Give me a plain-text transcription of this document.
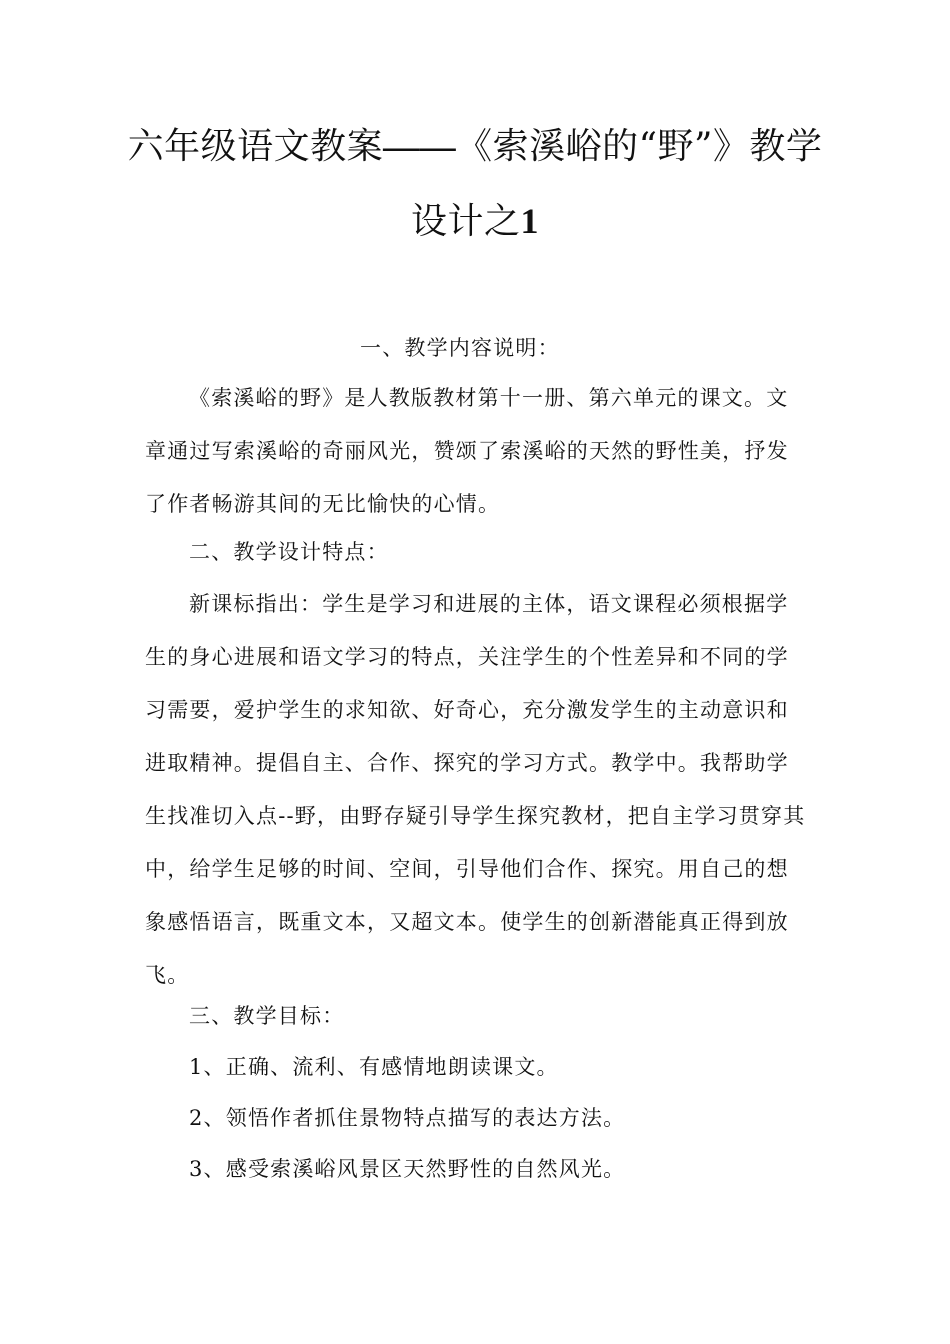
六年级语文教案——《索溪峪的“野”》教学
设计之1
一、教学内容说明：
《索溪峪的野》是人教版教材第十一册、第六单元的课文。文
章通过写索溪峪的奇丽风光，赞颂了索溪峪的天然的野性美，抒发
了作者畅游其间的无比愉快的心情。
二、教学设计特点：
新课标指出：学生是学习和进展的主体，语文课程必须根据学
生的身心进展和语文学习的特点，关注学生的个性差异和不同的学
习需要，爱护学生的求知欲、好奇心，充分激发学生的主动意识和
进取精神。提倡自主、合作、探究的学习方式。教学中。我帮助学
生找准切入点--野，由野存疑引导学生探究教材，把自主学习贯穿其
中，给学生足够的时间、空间，引导他们合作、探究。用自己的想
象感悟语言，既重文本，又超文本。使学生的创新潜能真正得到放
飞。
三、教学目标：
1、正确、流利、有感情地朗读课文。
2、领悟作者抓住景物特点描写的表达方法。
3、感受索溪峪风景区天然野性的自然风光。
